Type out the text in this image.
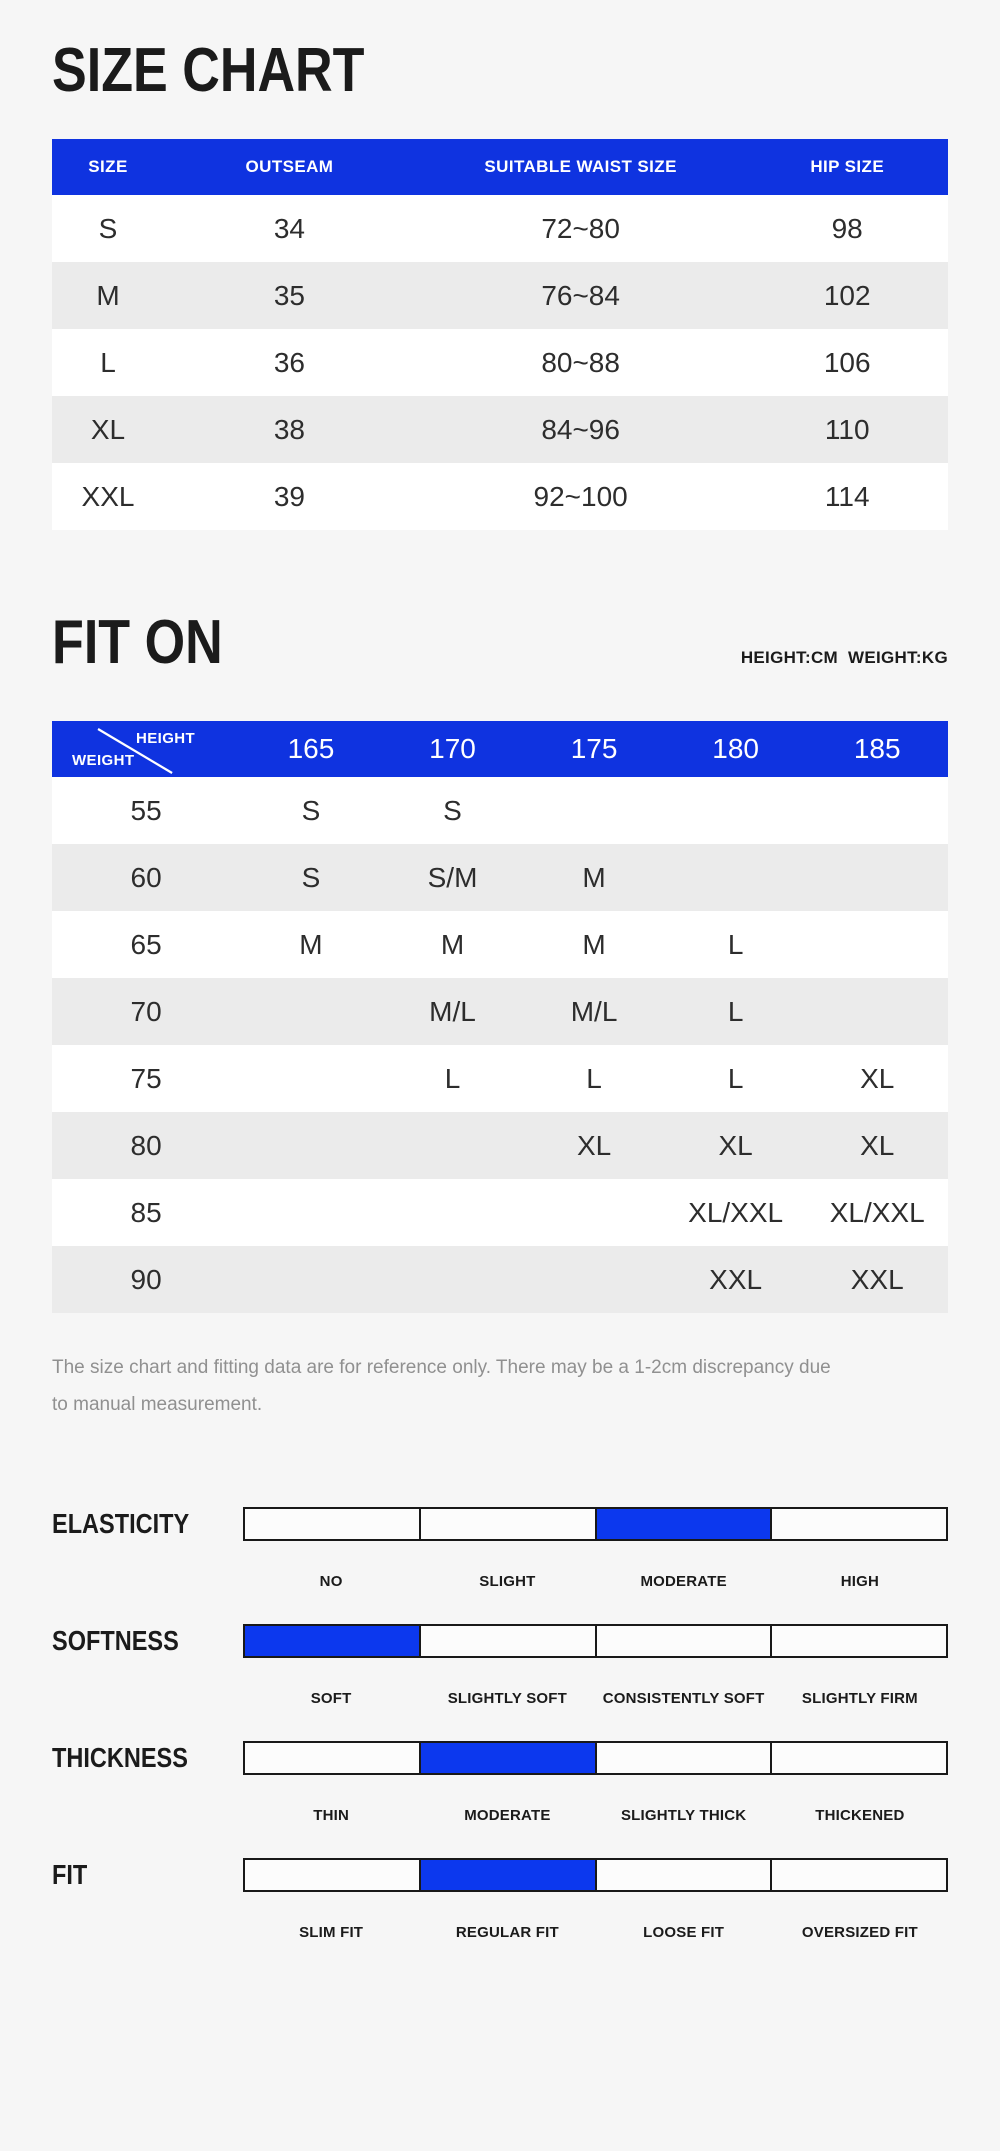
SIZE CHART
SIZE	OUTSEAM	SUITABLE WAIST SIZE	HIP SIZE
S	34	72~80	98
M	35	76~84	102
L	36	80~88	106
XL	38	84~96	110
XXL	39	92~100	114
FIT ON	HEIGHT:CM  WEIGHT:KG
HEIGHT
WEIGHT	165	170	175	180	185
55	S	S			
60	S	S/M	M		
65	M	M	M	L	
70		M/L	M/L	L	
75		L	L	L	XL
80			XL	XL	XL
85				XL/XXL	XL/XXL
90				XXL	XXL

The size chart and fitting data are for reference only. There may be a 1-2cm discrepancy due
to manual measurement.

ELASTICITY
NO	SLIGHT	MODERATE	HIGH
SOFTNESS
SOFT	SLIGHTLY SOFT	CONSISTENTLY SOFT	SLIGHTLY FIRM
THICKNESS
THIN	MODERATE	SLIGHTLY THICK	THICKENED
FIT
SLIM FIT	REGULAR FIT	LOOSE FIT	OVERSIZED FIT
